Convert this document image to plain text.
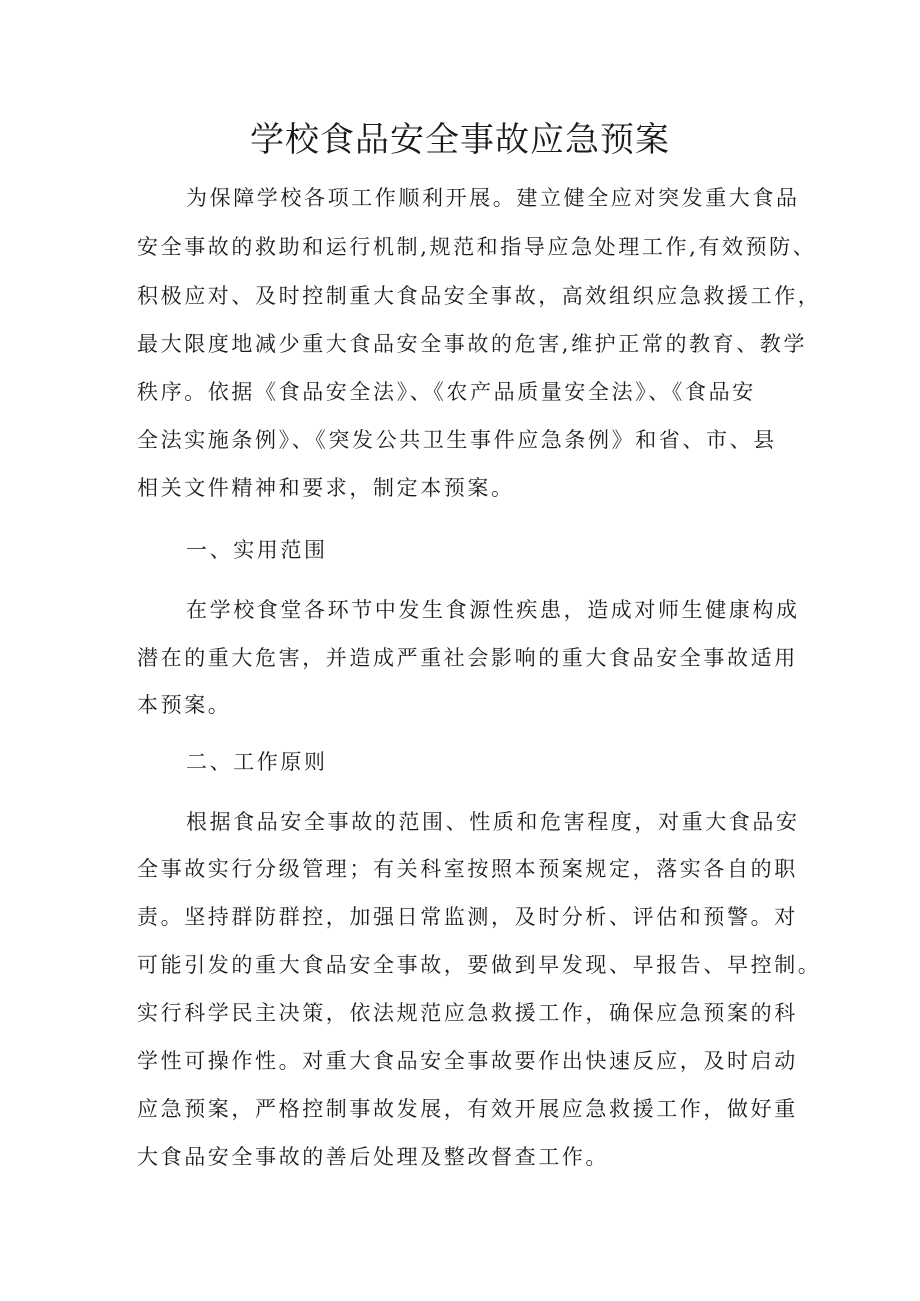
学校食品安全事故应急预案
为保障学校各项工作顺利开展。建立健全应对突发重大食品
安全事故的救助和运行机制,规范和指导应急处理工作,有效预防、
积极应对、及时控制重大食品安全事故，高效组织应急救援工作，
最大限度地减少重大食品安全事故的危害,维护正常的教育、教学
秩序。依据《食品安全法》、《农产品质量安全法》、《食品安
全法实施条例》、《突发公共卫生事件应急条例》和省、市、县
相关文件精神和要求，制定本预案。
一、实用范围
在学校食堂各环节中发生食源性疾患，造成对师生健康构成
潜在的重大危害，并造成严重社会影响的重大食品安全事故适用
本预案。
二、工作原则
根据食品安全事故的范围、性质和危害程度，对重大食品安
全事故实行分级管理；有关科室按照本预案规定，落实各自的职
责。坚持群防群控，加强日常监测，及时分析、评估和预警。对
可能引发的重大食品安全事故，要做到早发现、早报告、早控制。
实行科学民主决策，依法规范应急救援工作，确保应急预案的科
学性可操作性。对重大食品安全事故要作出快速反应，及时启动
应急预案，严格控制事故发展，有效开展应急救援工作，做好重
大食品安全事故的善后处理及整改督查工作。
